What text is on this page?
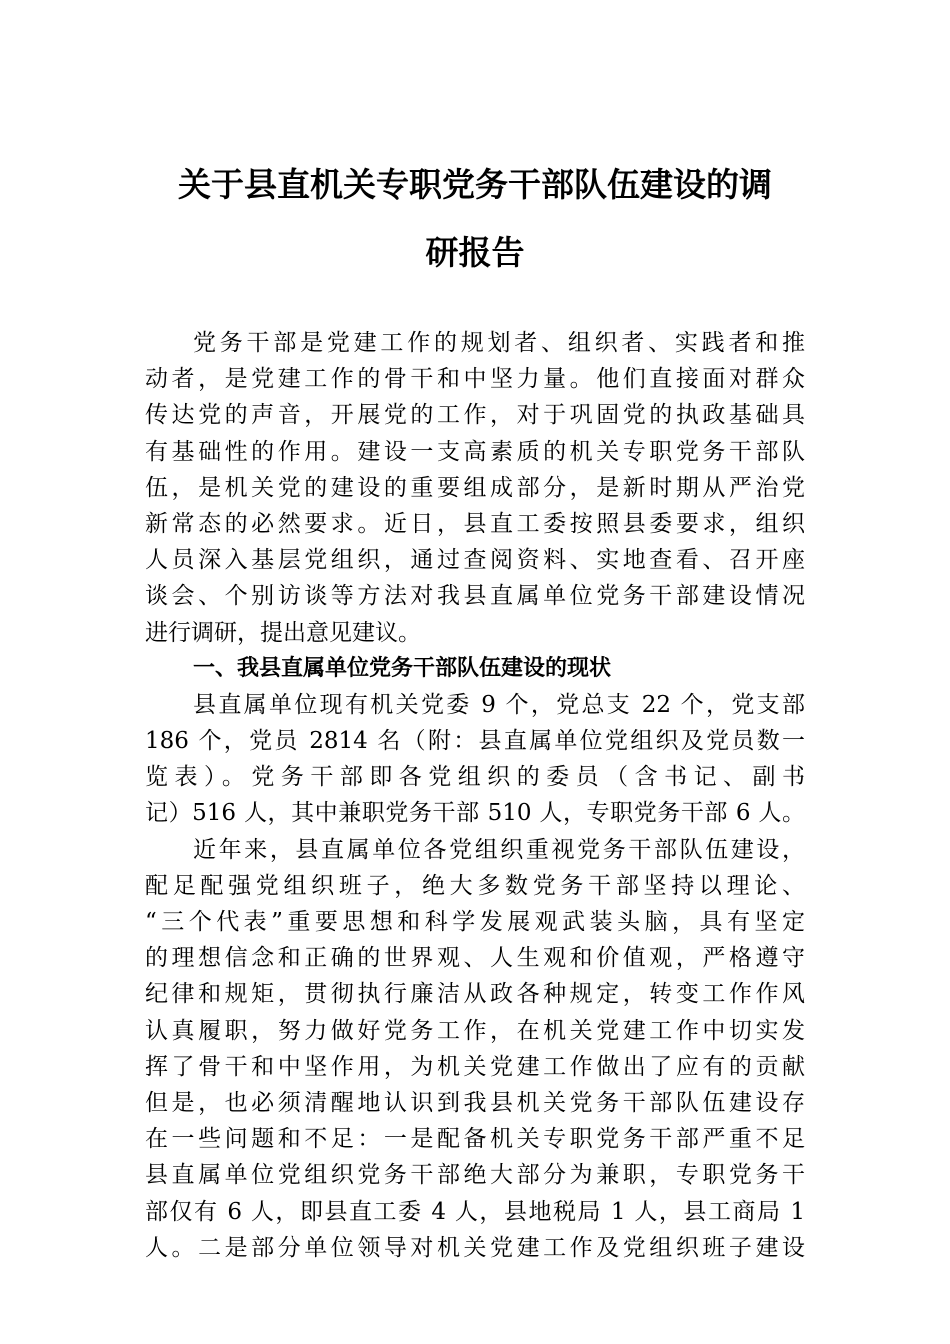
关于县直机关专职党务干部队伍建设的调
研报告
党务干部是党建工作的规划者、组织者、实践者和推
动者，是党建工作的骨干和中坚力量。他们直接面对群众
传达党的声音，开展党的工作，对于巩固党的执政基础具
有基础性的作用。建设一支高素质的机关专职党务干部队
伍，是机关党的建设的重要组成部分，是新时期从严治党
新常态的必然要求。近日，县直工委按照县委要求，组织
人员深入基层党组织，通过查阅资料、实地查看、召开座
谈会、个别访谈等方法对我县直属单位党务干部建设情况
进行调研，提出意见建议。
一、我县直属单位党务干部队伍建设的现状
县直属单位现有机关党委 9 个，党总支 22 个，党支部
186 个，党员 2814 名（附：县直属单位党组织及党员数一
览表）。党务干部即各党组织的委员（含书记、副书
记）516 人，其中兼职党务干部 510 人，专职党务干部 6 人。
近年来，县直属单位各党组织重视党务干部队伍建设，
配足配强党组织班子，绝大多数党务干部坚持以理论、
“三个代表”重要思想和科学发展观武装头脑，具有坚定
的理想信念和正确的世界观、人生观和价值观，严格遵守
纪律和规矩，贯彻执行廉洁从政各种规定，转变工作作风
认真履职，努力做好党务工作，在机关党建工作中切实发
挥了骨干和中坚作用，为机关党建工作做出了应有的贡献
但是，也必须清醒地认识到我县机关党务干部队伍建设存
在一些问题和不足：一是配备机关专职党务干部严重不足
县直属单位党组织党务干部绝大部分为兼职，专职党务干
部仅有 6 人，即县直工委 4 人，县地税局 1 人，县工商局 1
人。二是部分单位领导对机关党建工作及党组织班子建设
